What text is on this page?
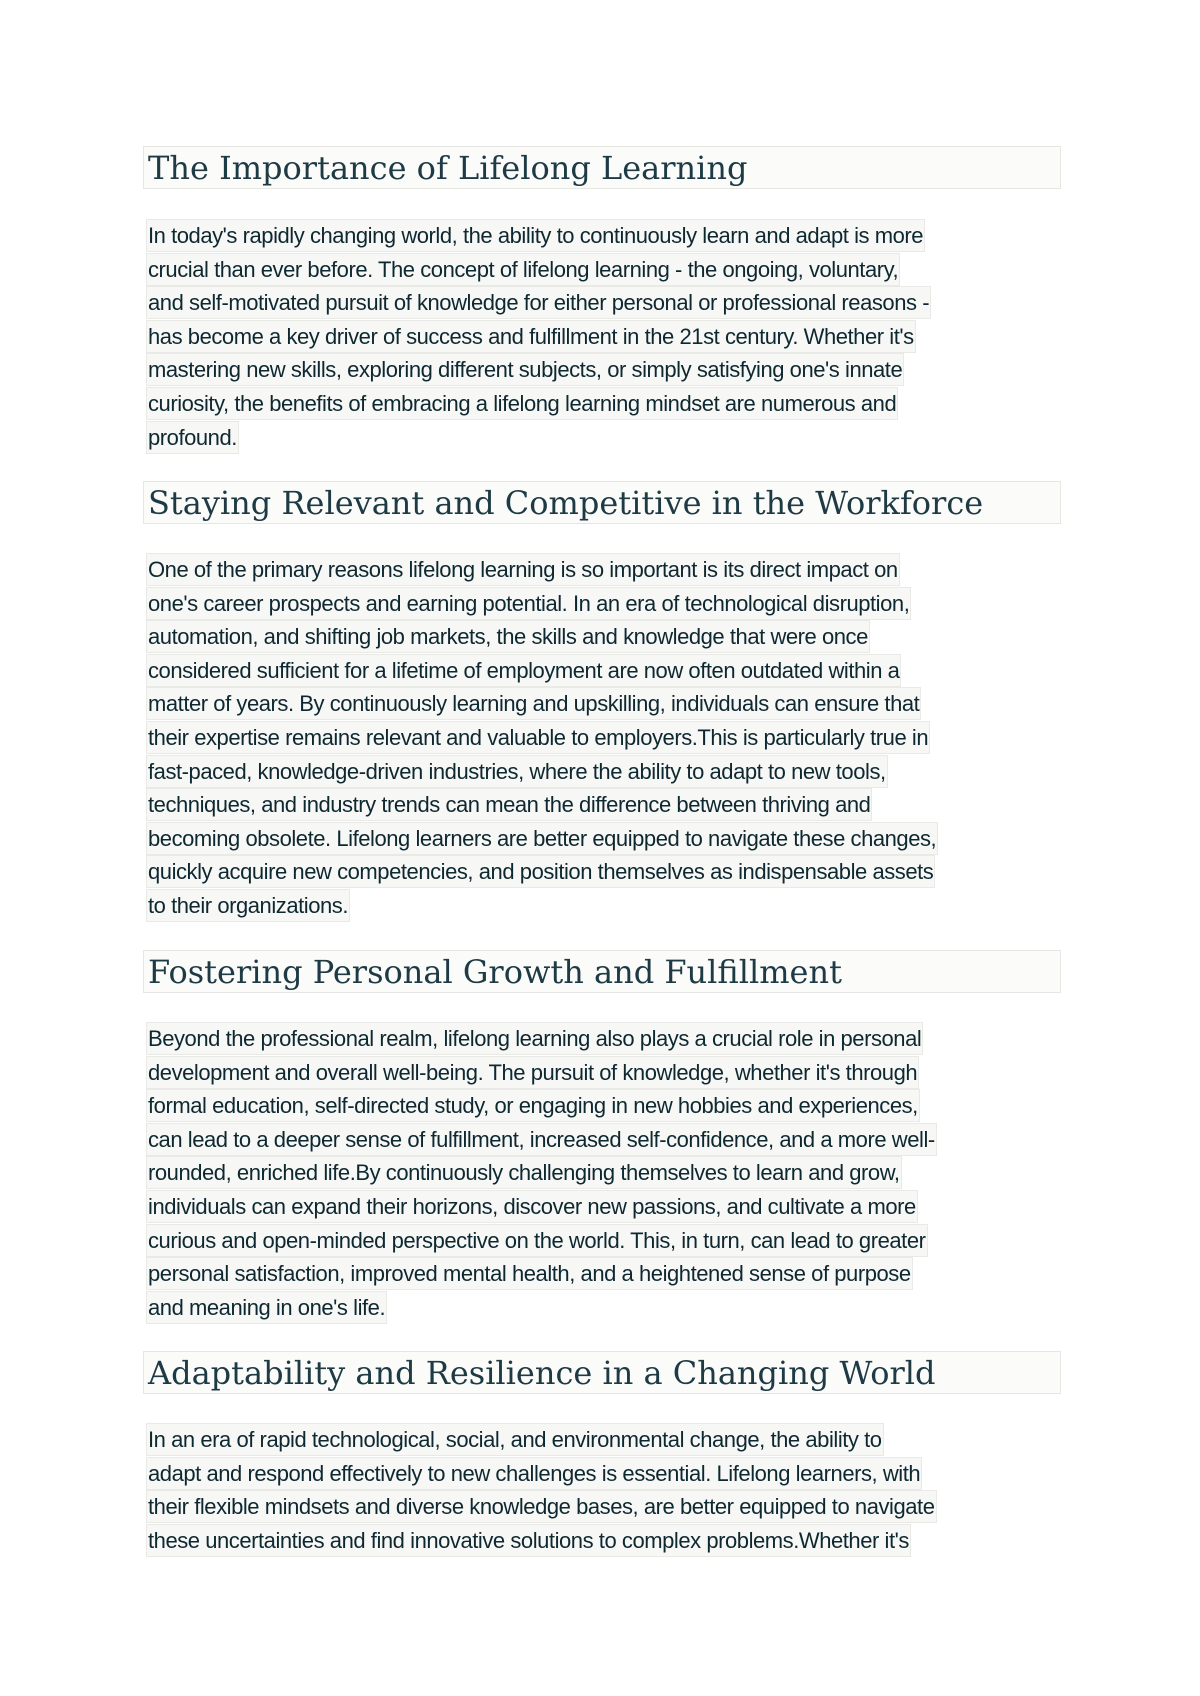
The Importance of Lifelong Learning
In today's rapidly changing world, the ability to continuously learn and adapt is more
crucial than ever before. The concept of lifelong learning - the ongoing, voluntary,
and self-motivated pursuit of knowledge for either personal or professional reasons -
has become a key driver of success and fulfillment in the 21st century. Whether it's
mastering new skills, exploring different subjects, or simply satisfying one's innate
curiosity, the benefits of embracing a lifelong learning mindset are numerous and
profound.
Staying Relevant and Competitive in the Workforce
One of the primary reasons lifelong learning is so important is its direct impact on
one's career prospects and earning potential. In an era of technological disruption,
automation, and shifting job markets, the skills and knowledge that were once
considered sufficient for a lifetime of employment are now often outdated within a
matter of years. By continuously learning and upskilling, individuals can ensure that
their expertise remains relevant and valuable to employers.This is particularly true in
fast-paced, knowledge-driven industries, where the ability to adapt to new tools,
techniques, and industry trends can mean the difference between thriving and
becoming obsolete. Lifelong learners are better equipped to navigate these changes,
quickly acquire new competencies, and position themselves as indispensable assets
to their organizations.
Fostering Personal Growth and Fulfillment
Beyond the professional realm, lifelong learning also plays a crucial role in personal
development and overall well-being. The pursuit of knowledge, whether it's through
formal education, self-directed study, or engaging in new hobbies and experiences,
can lead to a deeper sense of fulfillment, increased self-confidence, and a more well-
rounded, enriched life.By continuously challenging themselves to learn and grow,
individuals can expand their horizons, discover new passions, and cultivate a more
curious and open-minded perspective on the world. This, in turn, can lead to greater
personal satisfaction, improved mental health, and a heightened sense of purpose
and meaning in one's life.
Adaptability and Resilience in a Changing World
In an era of rapid technological, social, and environmental change, the ability to
adapt and respond effectively to new challenges is essential. Lifelong learners, with
their flexible mindsets and diverse knowledge bases, are better equipped to navigate
these uncertainties and find innovative solutions to complex problems.Whether it's
